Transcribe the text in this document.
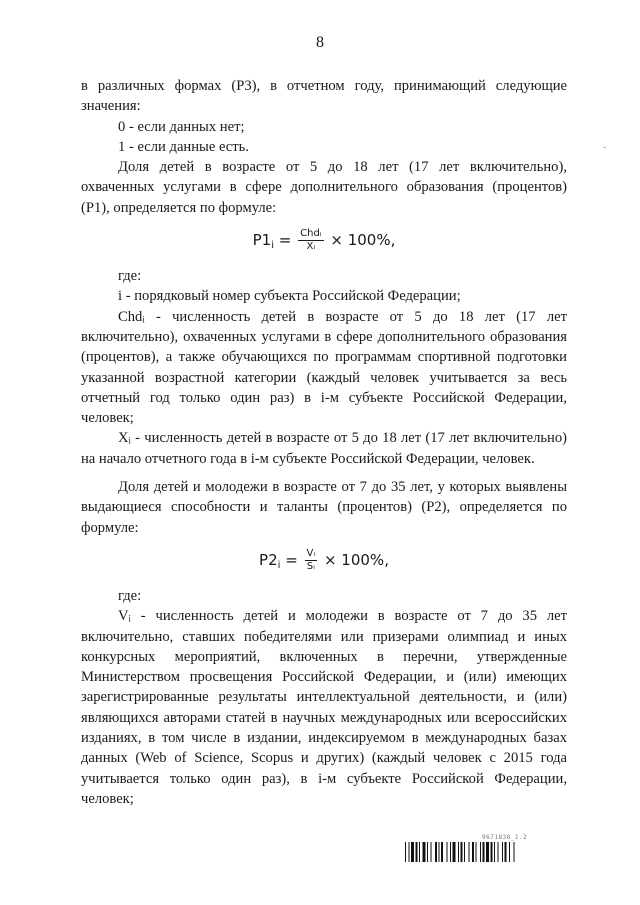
8

в различных формах (Р3), в отчетном году, принимающий следующие значения:

0 - если данных нет;

1 - если данные есть.

Доля детей в возрасте от 5 до 18 лет (17 лет включительно), охваченных услугами в сфере дополнительного образования (процентов) (Р1), определяется по формуле:

$P1_i = \frac{\text{Chdᵢ}}{\text{Xᵢ}} \times 100\%$,

где:

i - порядковый номер субъекта Российской Федерации;

Chdᵢ - численность детей в возрасте от 5 до 18 лет (17 лет включительно), охваченных услугами в сфере дополнительного образования (процентов), а также обучающихся по программам спортивной подготовки указанной возрастной категории (каждый человек учитывается за весь отчетный год только один раз) в i-м субъекте Российской Федерации, человек;

Xᵢ - численность детей в возрасте от 5 до 18 лет (17 лет включительно) на начало отчетного года в i-м субъекте Российской Федерации, человек.

Доля детей и молодежи в возрасте от 7 до 35 лет, у которых выявлены выдающиеся способности и таланты (процентов) (Р2), определяется по формуле:

$P2_i = \frac{\text{Vᵢ}}{\text{Sᵢ}} \times 100\%$,

где:

Vᵢ - численность детей и молодежи в возрасте от 7 до 35 лет включительно, ставших победителями или призерами олимпиад и иных конкурсных мероприятий, включенных в перечни, утвержденные Министерством просвещения Российской Федерации, и (или) имеющих зарегистрированные результаты интеллектуальной деятельности, и (или) являющихся авторами статей в научных международных или всероссийских изданиях, в том числе в издании, индексируемом в международных базах данных (Web of Science, Scopus и других) (каждый человек с 2015 года учитывается только один раз), в i-м субъекте Российской Федерации, человек;

9671838_1.2
